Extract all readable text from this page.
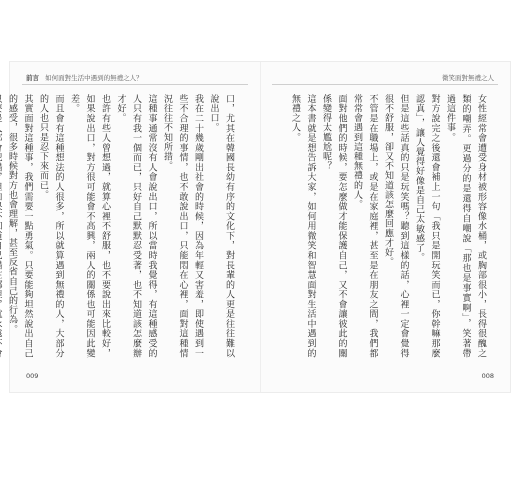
前言 如何面對生活中遇到的無禮之人？

口，尤其在韓國長幼有序的文化下，對長輩的人更是往往難以說出口。

我在二十幾歲剛出社會的時候，因為年輕又害羞，即使遇到一些不合理的事情，也不敢說出口，只能悶在心裡，面對這種情況往往不知所措。

這種事通常沒有人會說出口，所以當時我覺得，有這種感受的人只有我一個而已，只好自己默默忍受著，也不知道該怎麼辦才好。

也許有些人曾想過，就算心裡不舒服，也不要說出來比較好，如果說出口，對方很可能會不高興，兩人的關係也可能因此變差。

而且會有這種想法的人很多，所以就算遇到無禮的人，大部分的人也只是忍下來而已。

其實面對這種事，我們需要一點勇氣。只要能夠坦然說出自己的感受，很多時候對方也會理解，甚至反省自己的行為。

009
微笑面對無禮之人

女性經常會遭受身材被形容像水桶，或胸部很小，長得很醜之類的嘲弄。更過分的是還得自嘲說「那也是事實啊」，笑著帶過這件事。

對方說完之後還會補上一句「我只是開玩笑而已，你幹嘛那麼認真」，讓人覺得好像是自己太敏感了。

但是這些話真的只是玩笑嗎？聽到這樣的話，心裡一定會覺得很不舒服，卻又不知道該怎麼回應才好。

不管是在職場上，或是在家庭裡，甚至是在朋友之間，我們都常常會遇到這種無禮的人。

面對他們的時候，要怎麼做才能保護自己，又不會讓彼此的關係變得太尷尬呢？

這本書就是想告訴大家，如何用微笑和智慧面對生活中遇到的無禮之人。

008
